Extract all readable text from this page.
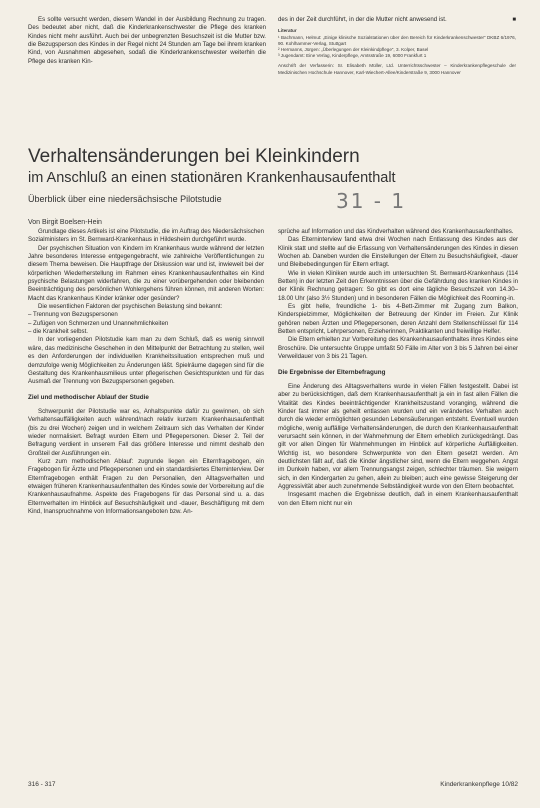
Es sollte versucht werden, diesem Wandel in der Ausbildung Rechnung zu tragen. Des bedeutet aber nicht, daß die Kinderkrankenschwester die Pflege des kranken Kindes nicht mehr ausführt. Auch bei der unbegrenzten Besuchszeit ist die Mutter bzw. die Bezugsperson des Kindes in der Regel nicht 24 Stunden am Tage bei ihrem kranken Kind, von Ausnahmen abgesehen, sodaß die Kinderkrankenschwester weiterhin die Pflege des kranken Kin-

des in der Zeit durchführt, in der die Mutter nicht anwesend ist.	■

Literatur

¹ Bachmann, Helmut: „Einige klinische Sozialstationen über den Bereich für Kinderkrankenschwester“ DKBZ 6/1976, 90. Kohlhammer-Verlag, Stuttgart

² Hermanns, Jürgen: „Überlegungen der Kleinkindpflege“, 3. Kolper, Basel

³ Jugendamt: Eine Verlag, Kinderpflege, Amtsstraße 19, 6000 Frankfurt 1

Anschrift der Verfasserin: Sr. Elisabeth Müller, Ltd. Unterrichtsschwester – Kinderkrankenpflegeschule der Medizinischen Hochschule Hannover, Karl-Wiechert-Allee/Kinderstraße 9, 3000 Hannover

Verhaltensänderungen bei Kleinkindern
im Anschluß an einen stationären Krankenhausaufenthalt
Überblick über eine niedersächsische Pilotstudie	31 - 1
Von Birgit Boelsen-Hein

Grundlage dieses Artikels ist eine Pilotstudie, die im Auftrag des Niedersächsischen Sozialministers im St. Bernward-Krankenhaus in Hildesheim durchgeführt wurde.

Der psychischen Situation von Kindern im Krankenhaus wurde während der letzten Jahre besonderes Interesse entgegengebracht, wie zahlreiche Veröffentlichungen zu diesem Thema beweisen. Die Hauptfrage der Diskussion war und ist, inwieweit bei der körperlichen Wiederherstellung im Rahmen eines Krankenhausaufenthaltes ein Kind psychische Belastungen widerfahren, die zu einer vorübergehenden oder bleibenden Beeinträchtigung des persönlichen Wohlergehens führen können, mit anderen Worten: Macht das Krankenhaus Kinder kränker oder gesünder?

Die wesentlichen Faktoren der psychischen Belastung sind bekannt:

– Trennung von Bezugspersonen
– Zufügen von Schmerzen und Unannehmlichkeiten
– die Krankheit selbst.

In der vorliegenden Pilotstudie kam man zu dem Schluß, daß es wenig sinnvoll wäre, das medizinische Geschehen in den Mittelpunkt der Betrachtung zu stellen, weil es den Anforderungen der individuellen Krankheitssituation entsprechen muß und demzufolge wenig Möglichkeiten zu Änderungen läßt. Spielräume dagegen sind für die Gestaltung des Krankenhausmilieus unter pflegerischen Gesichtspunkten und für das Ausmaß der Trennung von Bezugspersonen gegeben.

Ziel und methodischer Ablauf der Studie

Schwerpunkt der Pilotstudie war es, Anhaltspunkte dafür zu gewinnen, ob sich Verhaltensauffälligkeiten auch während/nach relativ kurzem Krankenhausaufenthalt (bis zu drei Wochen) zeigen und in welchem Zeitraum sich das Verhalten der Kinder wieder normalisiert. Befragt wurden Eltern und Pflegepersonen. Dieser 2. Teil der Befragung verdient in unserem Fall das größere Interesse und nimmt deshalb den Großteil der Ausführungen ein.

Kurz zum methodischen Ablauf: zugrunde liegen ein Elternfragebogen, ein Fragebogen für Ärzte und Pflegepersonen und ein standardisiertes Elterninterview. Der Elternfragebogen enthält Fragen zu den Personalien, den Alltagsverhalten und etwaigen früheren Krankenhausaufenthalten des Kindes sowie der Vorbereitung auf die Krankenhausaufnahme. Aspekte des Fragebogens für das Personal sind u. a. das Elternverhalten im Hinblick auf Besuchshäufigkeit und -dauer, Beschäftigung mit dem Kind, Inanspruchnahme von Informationsangeboten bzw. An-

sprüche auf Information und das Kindverhalten während des Krankenhausaufenthaltes.

Das Elterninterview fand etwa drei Wochen nach Entlassung des Kindes aus der Klinik statt und stellte auf die Erfassung von Verhaltensänderungen des Kindes in diesen Wochen ab. Daneben wurden die Einstellungen der Eltern zu Besuchshäufigkeit, -dauer und Bleibebedingungen für Eltern erfragt.

Wie in vielen Kliniken wurde auch im untersuchten St. Bernward-Krankenhaus (114 Betten) in der letzten Zeit den Erkenntnissen über die Gefährdung des kranken Kindes in der Klinik Rechnung getragen: So gibt es dort eine tägliche Besuchszeit von 14.30–18.00 Uhr (also 3½ Stunden) und in besonderen Fällen die Möglichkeit des Rooming-in.

Es gibt helle, freundliche 1- bis 4-Bett-Zimmer mit Zugang zum Balkon, Kinderspielzimmer, Möglichkeiten der Betreuung der Kinder im Freien. Zur Klinik gehören neben Ärzten und Pflegepersonen, deren Anzahl dem Stellenschlüssel für 114 Betten entspricht, Lehrpersonen, Erzieherinnen, Praktikanten und freiwillige Helfer.

Die Eltern erhielten zur Vorbereitung des Krankenhausaufenthaltes ihres Kindes eine Broschüre. Die untersuchte Gruppe umfaßt 50 Fälle im Alter von 3 bis 5 Jahren bei einer Verweildauer von 3 bis 21 Tagen.

Die Ergebnisse der Elternbefragung

Eine Änderung des Alltagsverhaltens wurde in vielen Fällen festgestellt. Dabei ist aber zu berücksichtigen, daß dem Krankenhausaufenthalt ja ein in fast allen Fällen die Vitalität des Kindes beeinträchtigender Krankheitszustand voranging, während die Kinder fast immer als geheilt entlassen wurden und ein verändertes Verhalten auch durch die wieder ermöglichten gesunden Lebensäußerungen entsteht. Eventuell wurden mögliche, wenig auffällige Verhaltensänderungen, die durch den Krankenhausaufenthalt verursacht sein können, in der Wahrnehmung der Eltern erheblich zurückgedrängt. Das gilt vor allen Dingen für Wahrnehmungen im Hinblick auf körperliche Auffälligkeiten. Wichtig ist, wo besondere Schwerpunkte von den Eltern gesetzt werden. Am deutlichsten fällt auf, daß die Kinder ängstlicher sind, wenn die Eltern weggehen. Angst im Dunkeln haben, vor allem Trennungsangst zeigen, schlechter träumen. Sie weigern sich, in den Kindergarten zu gehen, allein zu bleiben; auch eine gewisse Steigerung der Aggressivität aber auch zunehmende Selbständigkeit wurde von den Eltern beobachtet.

Insgesamt machen die Ergebnisse deutlich, daß in einem Krankenhausaufenthalt von den Eltern nicht nur ein

316 - 317	Kinderkrankenpflege 10/82
